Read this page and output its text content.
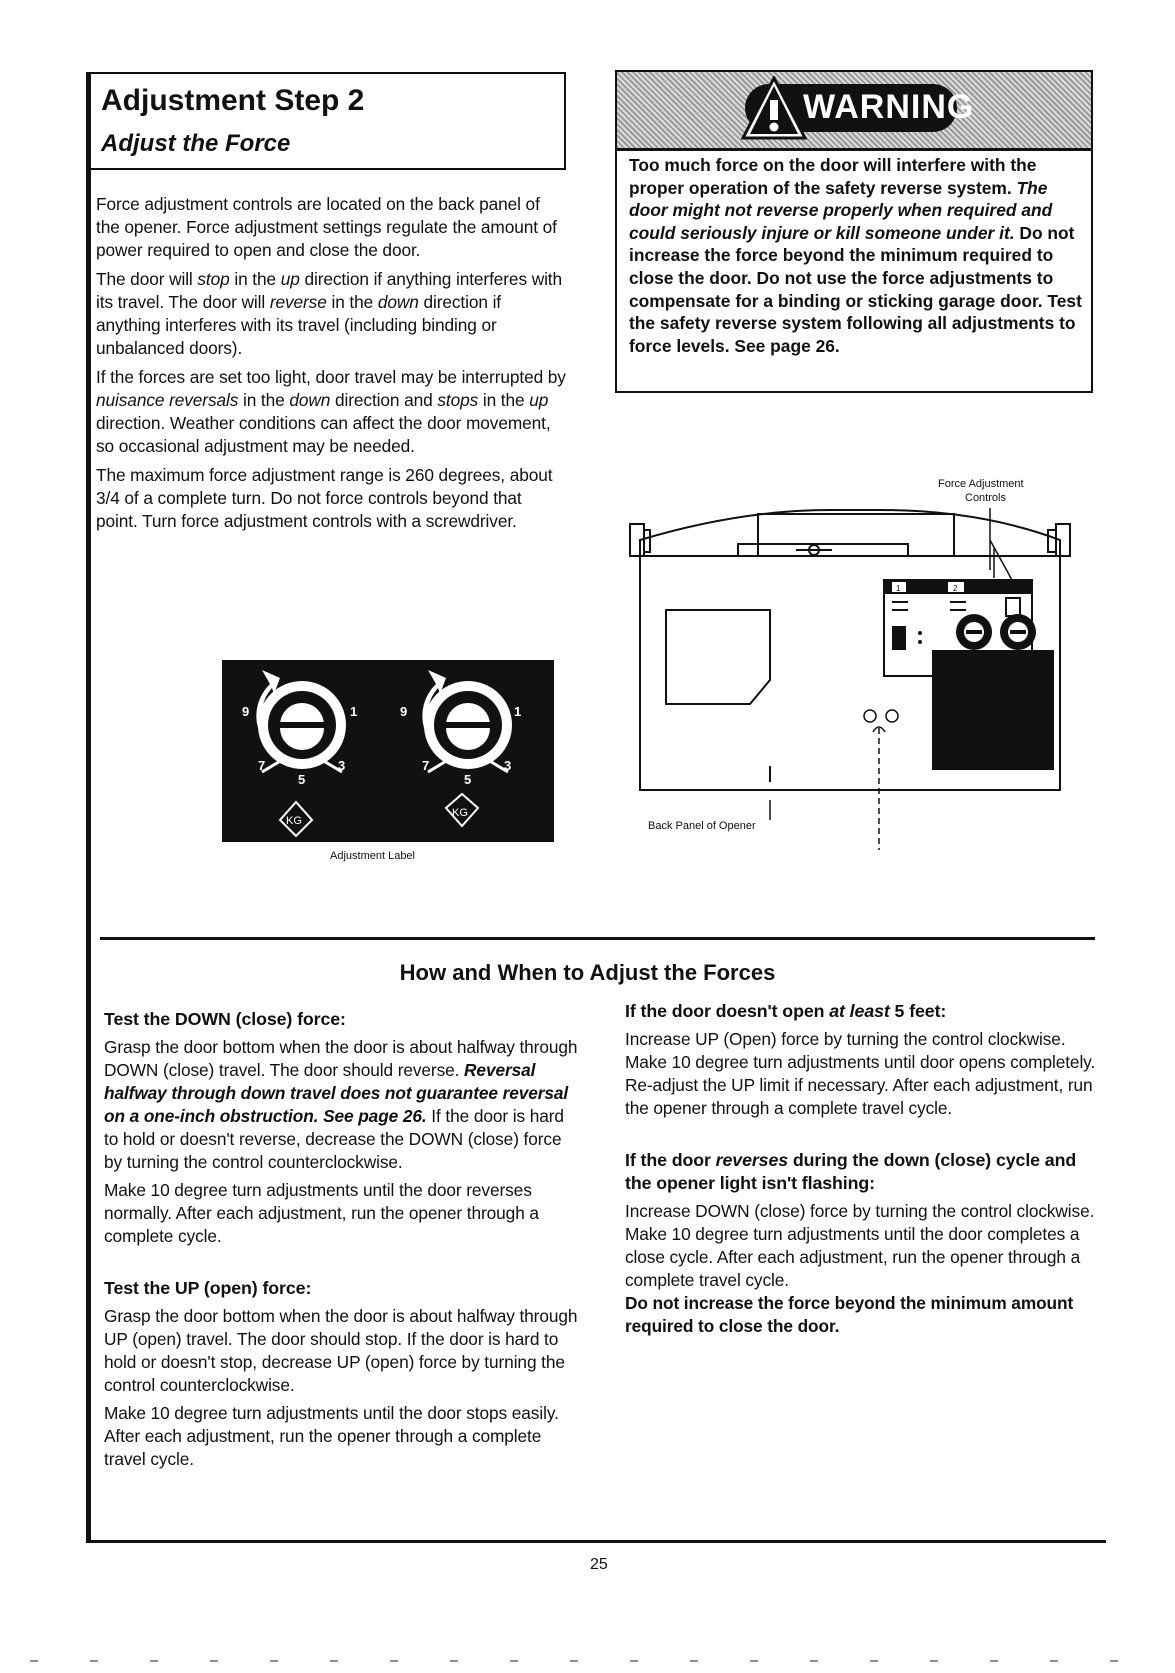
Adjustment Step 2
Adjust the Force

Force adjustment controls are located on the back panel of the opener. Force adjustment settings regulate the amount of power required to open and close the door.

The door will stop in the up direction if anything interferes with its travel. The door will reverse in the down direction if anything interferes with its travel (including binding or unbalanced doors).

If the forces are set too light, door travel may be interrupted by nuisance reversals in the down direction and stops in the up direction. Weather conditions can affect the door movement, so occasional adjustment may be needed.

The maximum force adjustment range is 260 degrees, about 3/4 of a complete turn. Do not force controls beyond that point. Turn force adjustment controls with a screwdriver.

9
7
5
3
1
KG
9
7
5
3
1
KG
Adjustment Label
WARNING
Too much force on the door will interfere with the proper operation of the safety reverse system. The door might not reverse properly when required and could seriously injure or kill someone under it. Do not increase the force beyond the minimum required to close the door. Do not use the force adjustments to compensate for a binding or sticking garage door. Test the safety reverse system following all adjustments to force levels. See page 26.
Force Adjustment
Controls
1	2
Back Panel of Opener
How and When to Adjust the Forces

Test the DOWN (close) force:

Grasp the door bottom when the door is about halfway through DOWN (close) travel. The door should reverse. Reversal halfway through down travel does not guarantee reversal on a one-inch obstruction. See page 26. If the door is hard to hold or doesn't reverse, decrease the DOWN (close) force by turning the control counterclockwise.

Make 10 degree turn adjustments until the door reverses normally. After each adjustment, run the opener through a complete cycle.

Test the UP (open) force:

Grasp the door bottom when the door is about halfway through UP (open) travel. The door should stop. If the door is hard to hold or doesn't stop, decrease UP (open) force by turning the control counterclockwise.

Make 10 degree turn adjustments until the door stops easily. After each adjustment, run the opener through a complete travel cycle.

If the door doesn't open at least 5 feet:

Increase UP (Open) force by turning the control clockwise. Make 10 degree turn adjustments until door opens completely. Re-adjust the UP limit if necessary. After each adjustment, run the opener through a complete travel cycle.

If the door reverses during the down (close) cycle and the opener light isn't flashing:

Increase DOWN (close) force by turning the control clockwise. Make 10 degree turn adjustments until the door completes a close cycle. After each adjustment, run the opener through a complete travel cycle.

Do not increase the force beyond the minimum amount required to close the door.

25
